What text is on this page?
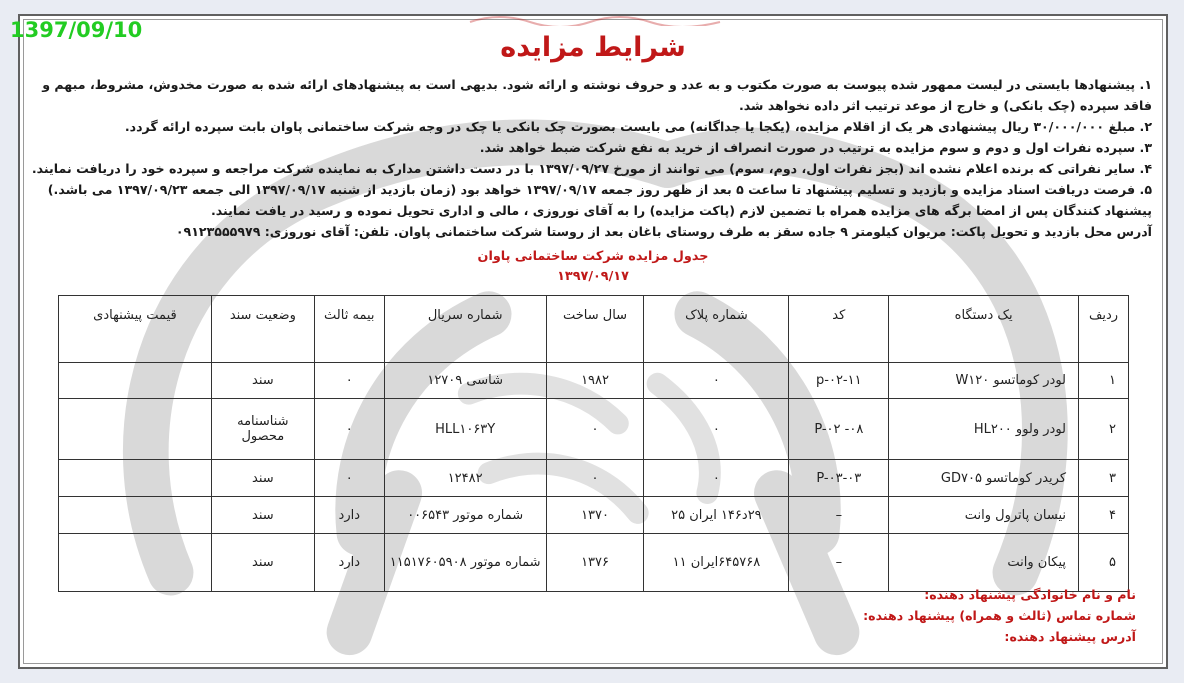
1397/09/10
شرایط مزایده

۱. پیشنهادها بایستی در لیست ممهور شده پیوست به صورت مکتوب و به عدد و حروف نوشته و ارائه شود. بدیهی است به پیشنهادهای ارائه شده به صورت مخدوش، مشروط، مبهم و فاقد سپرده (چک بانکی) و خارج از موعد ترتیب اثر داده نخواهد شد.

۲. مبلغ ۳۰/۰۰۰/۰۰۰ ریال پیشنهادی هر یک از اقلام مزایده، (یکجا یا جداگانه) می بایست بصورت چک بانکی یا چک در وجه شرکت ساختمانی پاوان بابت سپرده ارائه گردد.

۳. سپرده نفرات اول و دوم و سوم مزایده به ترتیب در صورت انصراف از خرید به نفع شرکت ضبط خواهد شد.

۴. سایر نفراتی که برنده اعلام نشده اند (بجز نفرات اول، دوم، سوم) می توانند از مورخ ۱۳۹۷/۰۹/۲۷ با در دست داشتن مدارک به نماینده شرکت مراجعه و سپرده خود را دریافت نمایند.

۵. فرصت دریافت اسناد مزایده و بازدید و تسلیم پیشنهاد تا ساعت ۵ بعد از ظهر روز جمعه ۱۳۹۷/۰۹/۱۷ خواهد بود (زمان بازدید از شنبه ۱۳۹۷/۰۹/۱۷ الی جمعه ۱۳۹۷/۰۹/۲۳ می باشد.)

پیشنهاد کنندگان پس از امضا برگه های مزایده همراه با تضمین لازم (پاکت مزایده) را به آقای نوروزی ، مالی و اداری تحویل نموده و رسید در یافت نمایند.

آدرس محل بازدید و تحویل پاکت: مریوان کیلومتر ۹ جاده سقز به طرف روستای باغان بعد از روستا شرکت ساختمانی پاوان. تلفن: آقای نوروزی: ۰۹۱۲۳۵۵۵۹۷۹

جدول مزایده شرکت ساختمانی پاوان
۱۳۹۷/۰۹/۱۷
ردیف	یک دستگاه	کد	شماره پلاک	سال ساخت	شماره سریال	بیمه ثالث	وضعیت سند	قیمت پیشنهادی
۱	لودر کوماتسو W۱۲۰	p-۰۲-۱۱	۰	۱۹۸۲	شاسی ۱۲۷۰۹	۰	سند	
۲	لودر ولوو HL۲۰۰	P-۰۲ -۰۸	۰	۰	HLL۱۰۶۳Y	۰	شناسنامه محصول	
۳	کریدر کوماتسو GD۷۰۵	P-۰۳-۰۳	۰	۰	۱۲۴۸۲	۰	سند	
۴	نیسان پاترول وانت	–	۲۹د۱۴۶ ایران ۲۵	۱۳۷۰	شماره موتور ۰۰۶۵۴۳	دارد	سند	
۵	پیکان وانت	–	۶۴۵۷۶۸ایران ۱۱	۱۳۷۶	شماره موتور ۱۱۵۱۷۶۰۵۹۰۸	دارد	سند	
نام و نام خانوادگی پیشنهاد دهنده:
شماره تماس (ثالث و همراه) پیشنهاد دهنده:
آدرس پیشنهاد دهنده:
